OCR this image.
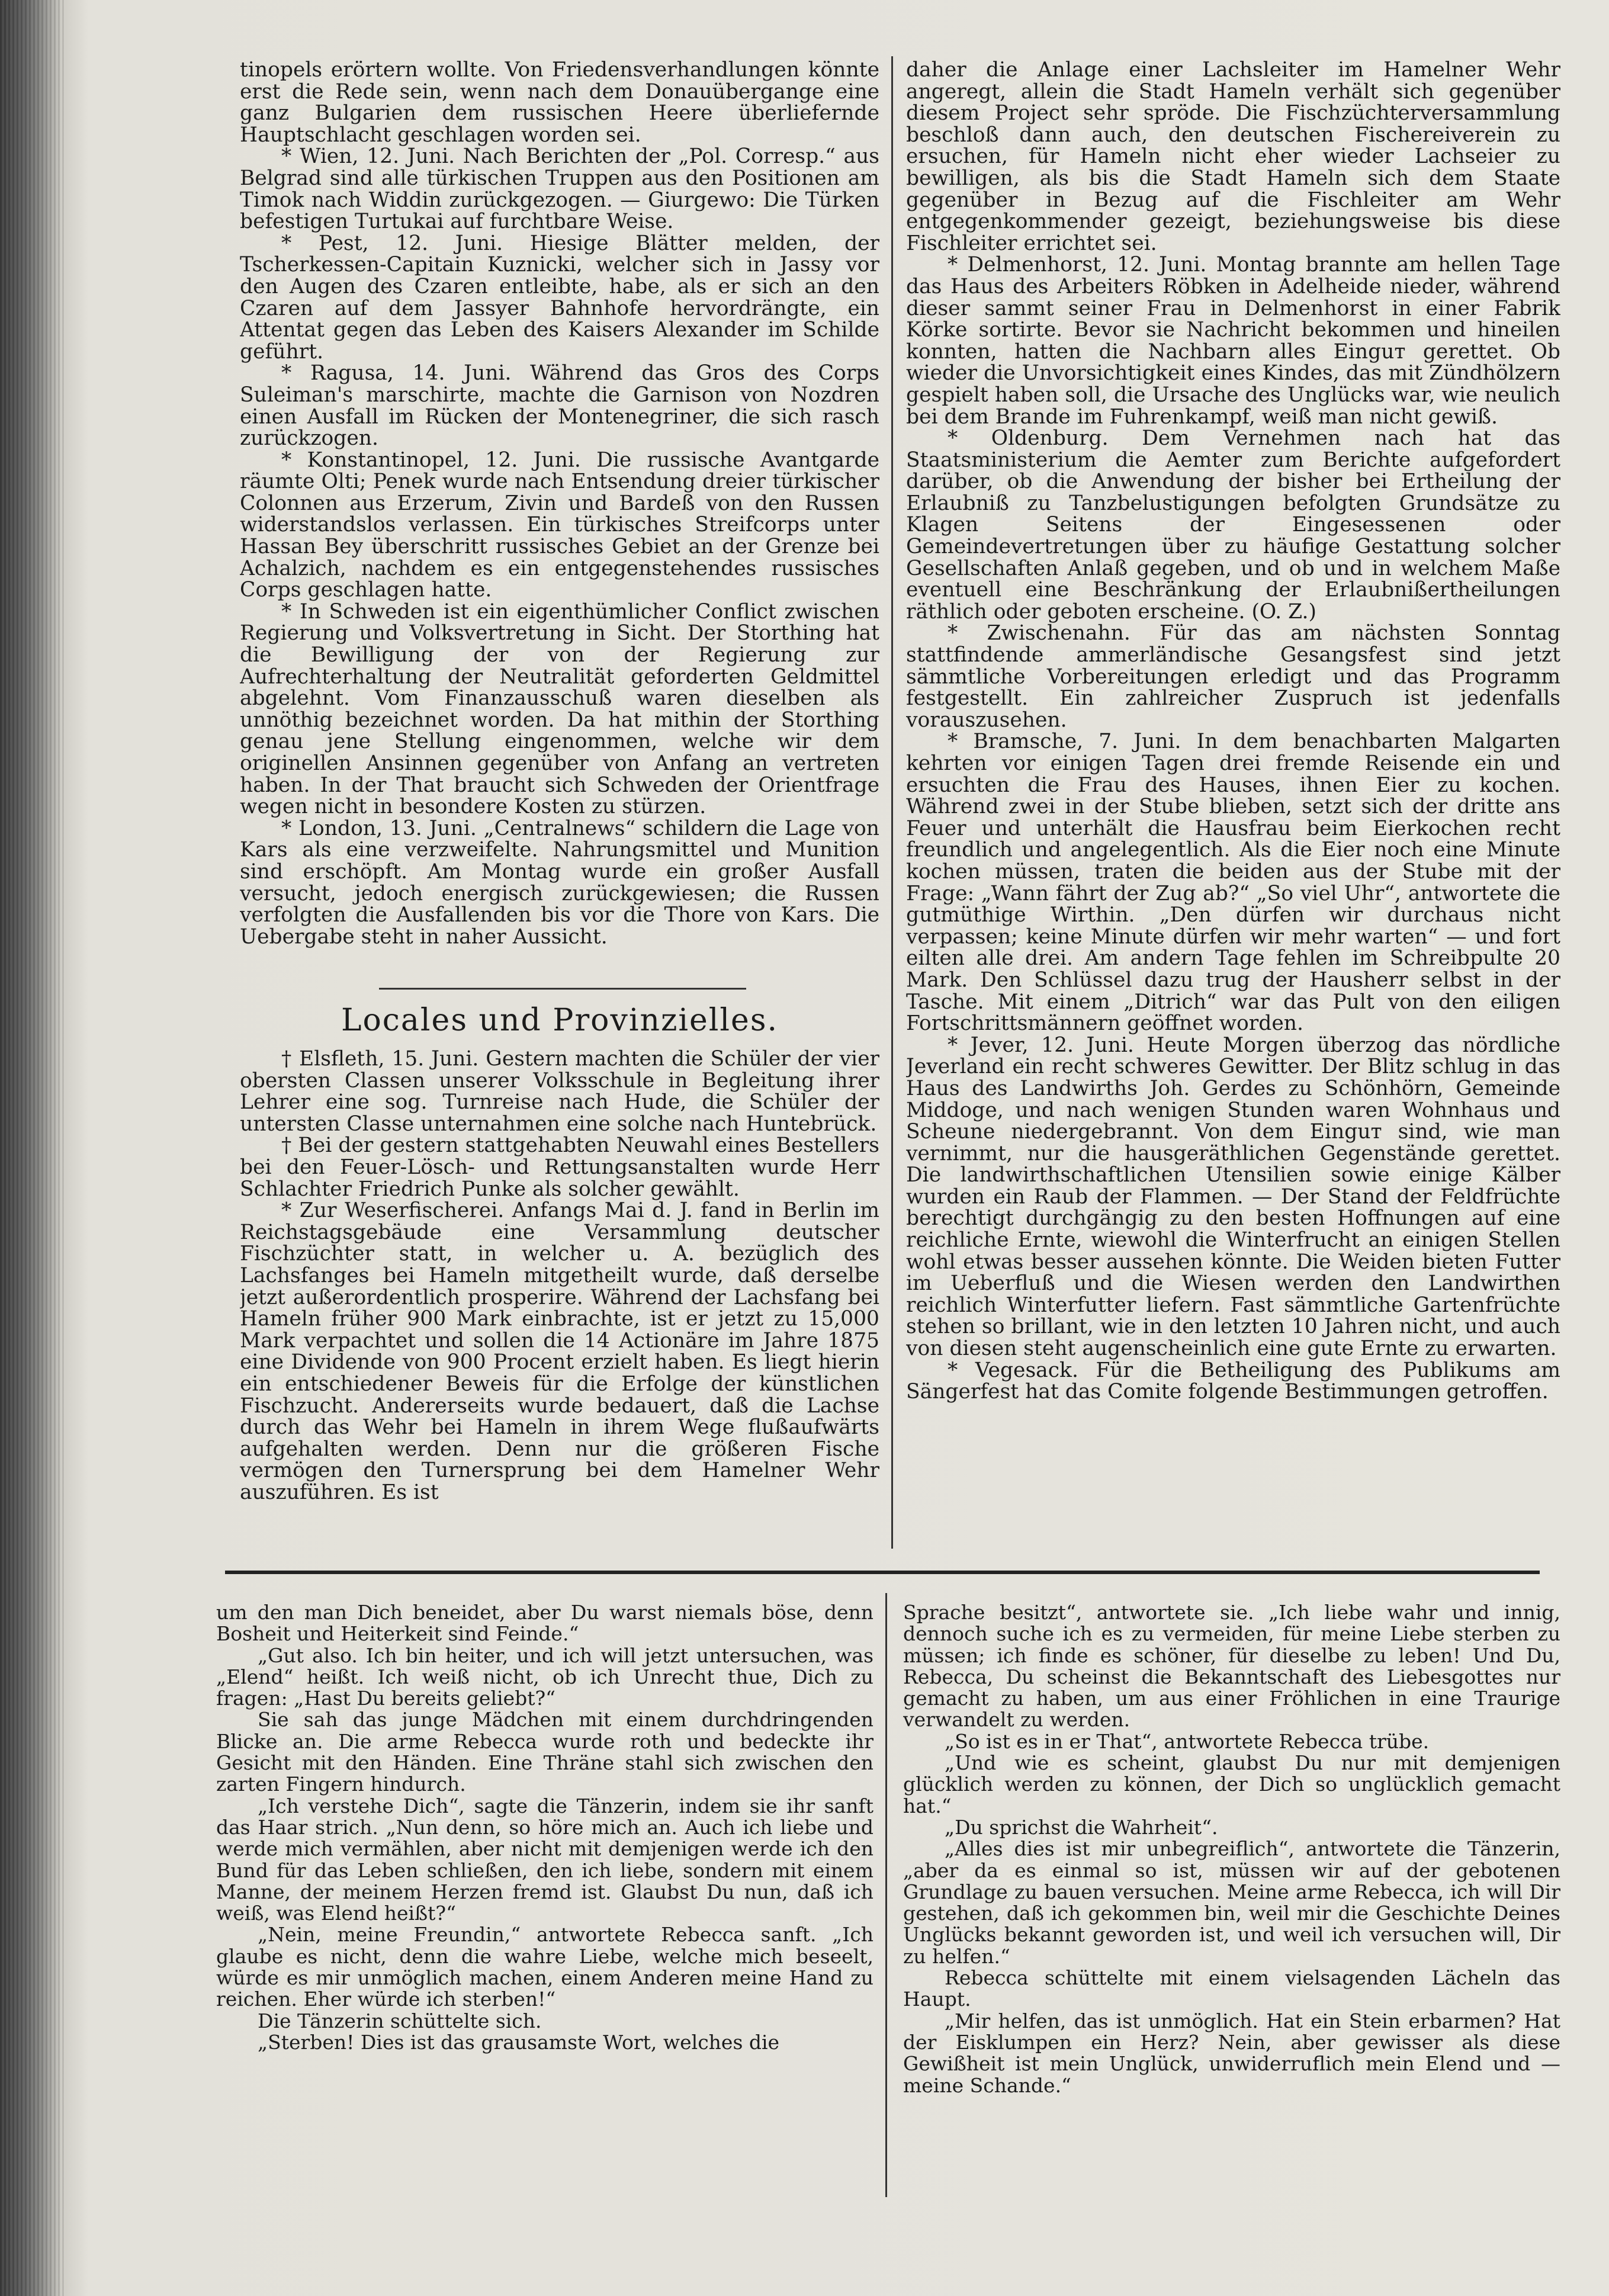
tinopels erörtern wollte. Von Friedensverhandlungen könnte erst die Rede sein, wenn nach dem Donauübergange eine ganz Bulgarien dem russischen Heere überliefernde Hauptschlacht geschlagen worden sei.

* Wien, 12. Juni. Nach Berichten der „Pol. Corresp.“ aus Belgrad sind alle türkischen Truppen aus den Positionen am Timok nach Widdin zurückgezogen. — Giurgewo: Die Türken befestigen Turtukai auf furchtbare Weise.

* Pest, 12. Juni. Hiesige Blätter melden, der Tscherkessen-Capitain Kuznicki, welcher sich in Jassy vor den Augen des Czaren entleibte, habe, als er sich an den Czaren auf dem Jassyer Bahnhofe hervordrängte, ein Attentat gegen das Leben des Kaisers Alexander im Schilde geführt.

* Ragusa, 14. Juni. Während das Gros des Corps Suleiman's marschirte, machte die Garnison von Nozdren einen Ausfall im Rücken der Montenegriner, die sich rasch zurückzogen.

* Konstantinopel, 12. Juni. Die russische Avantgarde räumte Olti; Penek wurde nach Entsendung dreier türkischer Colonnen aus Erzerum, Zivin und Bardeß von den Russen widerstandslos verlassen. Ein türkisches Streifcorps unter Hassan Bey überschritt russisches Gebiet an der Grenze bei Achalzich, nachdem es ein entgegenstehendes russisches Corps geschlagen hatte.

* In Schweden ist ein eigenthümlicher Conflict zwischen Regierung und Volksvertretung in Sicht. Der Storthing hat die Bewilligung der von der Regierung zur Aufrechterhaltung der Neutralität geforderten Geldmittel abgelehnt. Vom Finanzausschuß waren dieselben als unnöthig bezeichnet worden. Da hat mithin der Storthing genau jene Stellung eingenommen, welche wir dem originellen Ansinnen gegenüber von Anfang an vertreten haben. In der That braucht sich Schweden der Orientfrage wegen nicht in besondere Kosten zu stürzen.

* London, 13. Juni. „Centralnews“ schildern die Lage von Kars als eine verzweifelte. Nahrungsmittel und Munition sind erschöpft. Am Montag wurde ein großer Ausfall versucht, jedoch energisch zurückgewiesen; die Russen verfolgten die Ausfallenden bis vor die Thore von Kars. Die Uebergabe steht in naher Aussicht.

Locales und Provinzielles.

† Elsfleth, 15. Juni. Gestern machten die Schüler der vier obersten Classen unserer Volksschule in Begleitung ihrer Lehrer eine sog. Turnreise nach Hude, die Schüler der untersten Classe unternahmen eine solche nach Huntebrück.

† Bei der gestern stattgehabten Neuwahl eines Bestellers bei den Feuer-Lösch- und Rettungsanstalten wurde Herr Schlachter Friedrich Punke als solcher gewählt.

* Zur Weserfischerei. Anfangs Mai d. J. fand in Berlin im Reichstagsgebäude eine Versammlung deutscher Fischzüchter statt, in welcher u. A. bezüglich des Lachsfanges bei Hameln mitgetheilt wurde, daß derselbe jetzt außerordentlich prosperire. Während der Lachsfang bei Hameln früher 900 Mark einbrachte, ist er jetzt zu 15,000 Mark verpachtet und sollen die 14 Actionäre im Jahre 1875 eine Dividende von 900 Procent erzielt haben. Es liegt hierin ein entschiedener Beweis für die Erfolge der künstlichen Fischzucht. Andererseits wurde bedauert, daß die Lachse durch das Wehr bei Hameln in ihrem Wege flußaufwärts aufgehalten werden. Denn nur die größeren Fische vermögen den Turnersprung bei dem Hamelner Wehr auszuführen. Es ist

daher die Anlage einer Lachsleiter im Hamelner Wehr angeregt, allein die Stadt Hameln verhält sich gegenüber diesem Project sehr spröde. Die Fischzüchterversammlung beschloß dann auch, den deutschen Fischereiverein zu ersuchen, für Hameln nicht eher wieder Lachseier zu bewilligen, als bis die Stadt Hameln sich dem Staate gegenüber in Bezug auf die Fischleiter am Wehr entgegenkommender gezeigt, beziehungsweise bis diese Fischleiter errichtet sei.

* Delmenhorst, 12. Juni. Montag brannte am hellen Tage das Haus des Arbeiters Röbken in Adelheide nieder, während dieser sammt seiner Frau in Delmenhorst in einer Fabrik Körke sortirte. Bevor sie Nachricht bekommen und hineilen konnten, hatten die Nachbarn alles Einguт gerettet. Ob wieder die Unvorsichtigkeit eines Kindes, das mit Zündhölzern gespielt haben soll, die Ursache des Unglücks war, wie neulich bei dem Brande im Fuhrenkampf, weiß man nicht gewiß.

* Oldenburg. Dem Vernehmen nach hat das Staatsministerium die Aemter zum Berichte aufgefordert darüber, ob die Anwendung der bisher bei Ertheilung der Erlaubniß zu Tanzbelustigungen befolgten Grundsätze zu Klagen Seitens der Eingesessenen oder Gemeindevertretungen über zu häufige Gestattung solcher Gesellschaften Anlaß gegeben, und ob und in welchem Maße eventuell eine Beschränkung der Erlaubnißertheilungen räthlich oder geboten erscheine. (O. Z.)

* Zwischenahn. Für das am nächsten Sonntag stattfindende ammerländische Gesangsfest sind jetzt sämmtliche Vorbereitungen erledigt und das Programm festgestellt. Ein zahlreicher Zuspruch ist jedenfalls vorauszusehen.

* Bramsche, 7. Juni. In dem benachbarten Malgarten kehrten vor einigen Tagen drei fremde Reisende ein und ersuchten die Frau des Hauses, ihnen Eier zu kochen. Während zwei in der Stube blieben, setzt sich der dritte ans Feuer und unterhält die Hausfrau beim Eierkochen recht freundlich und angelegentlich. Als die Eier noch eine Minute kochen müssen, traten die beiden aus der Stube mit der Frage: „Wann fährt der Zug ab?“ „So viel Uhr“, antwortete die gutmüthige Wirthin. „Den dürfen wir durchaus nicht verpassen; keine Minute dürfen wir mehr warten“ — und fort eilten alle drei. Am andern Tage fehlen im Schreibpulte 20 Mark. Den Schlüssel dazu trug der Hausherr selbst in der Tasche. Mit einem „Ditrich“ war das Pult von den eiligen Fortschrittsmännern geöffnet worden.

* Jever, 12. Juni. Heute Morgen überzog das nördliche Jeverland ein recht schweres Gewitter. Der Blitz schlug in das Haus des Landwirths Joh. Gerdes zu Schönhörn, Gemeinde Middoge, und nach wenigen Stunden waren Wohnhaus und Scheune niedergebrannt. Von dem Einguт sind, wie man vernimmt, nur die hausgeräthlichen Gegenstände gerettet. Die landwirthschaftlichen Utensilien sowie einige Kälber wurden ein Raub der Flammen. — Der Stand der Feldfrüchte berechtigt durchgängig zu den besten Hoffnungen auf eine reichliche Ernte, wiewohl die Winterfrucht an einigen Stellen wohl etwas besser aussehen könnte. Die Weiden bieten Futter im Ueberfluß und die Wiesen werden den Landwirthen reichlich Winterfutter liefern. Fast sämmtliche Gartenfrüchte stehen so brillant, wie in den letzten 10 Jahren nicht, und auch von diesen steht augenscheinlich eine gute Ernte zu erwarten.

* Vegesack. Für die Betheiligung des Publikums am Sängerfest hat das Comite folgende Bestimmungen getroffen.

um den man Dich beneidet, aber Du warst niemals böse, denn Bosheit und Heiterkeit sind Feinde.“

„Gut also. Ich bin heiter, und ich will jetzt untersuchen, was „Elend“ heißt. Ich weiß nicht, ob ich Unrecht thue, Dich zu fragen: „Hast Du bereits geliebt?“

Sie sah das junge Mädchen mit einem durchdringenden Blicke an. Die arme Rebecca wurde roth und bedeckte ihr Gesicht mit den Händen. Eine Thräne stahl sich zwischen den zarten Fingern hindurch.

„Ich verstehe Dich“, sagte die Tänzerin, indem sie ihr sanft das Haar strich. „Nun denn, so höre mich an. Auch ich liebe und werde mich vermählen, aber nicht mit demjenigen werde ich den Bund für das Leben schließen, den ich liebe, sondern mit einem Manne, der meinem Herzen fremd ist. Glaubst Du nun, daß ich weiß, was Elend heißt?“

„Nein, meine Freundin,“ antwortete Rebecca sanft. „Ich glaube es nicht, denn die wahre Liebe, welche mich beseelt, würde es mir unmöglich machen, einem Anderen meine Hand zu reichen. Eher würde ich sterben!“

Die Tänzerin schüttelte sich.

„Sterben! Dies ist das grausamste Wort, welches die

Sprache besitzt“, antwortete sie. „Ich liebe wahr und innig, dennoch suche ich es zu vermeiden, für meine Liebe sterben zu müssen; ich finde es schöner, für dieselbe zu leben! Und Du, Rebecca, Du scheinst die Bekanntschaft des Liebesgottes nur gemacht zu haben, um aus einer Fröhlichen in eine Traurige verwandelt zu werden.

„So ist es in er That“, antwortete Rebecca trübe.

„Und wie es scheint, glaubst Du nur mit demjenigen glücklich werden zu können, der Dich so unglücklich gemacht hat.“

„Du sprichst die Wahrheit“.

„Alles dies ist mir unbegreiflich“, antwortete die Tänzerin, „aber da es einmal so ist, müssen wir auf der gebotenen Grundlage zu bauen versuchen. Meine arme Rebecca, ich will Dir gestehen, daß ich gekommen bin, weil mir die Geschichte Deines Unglücks bekannt geworden ist, und weil ich versuchen will, Dir zu helfen.“

Rebecca schüttelte mit einem vielsagenden Lächeln das Haupt.

„Mir helfen, das ist unmöglich. Hat ein Stein erbarmen? Hat der Eisklumpen ein Herz? Nein, aber gewisser als diese Gewißheit ist mein Unglück, unwiderruflich mein Elend und — meine Schande.“
